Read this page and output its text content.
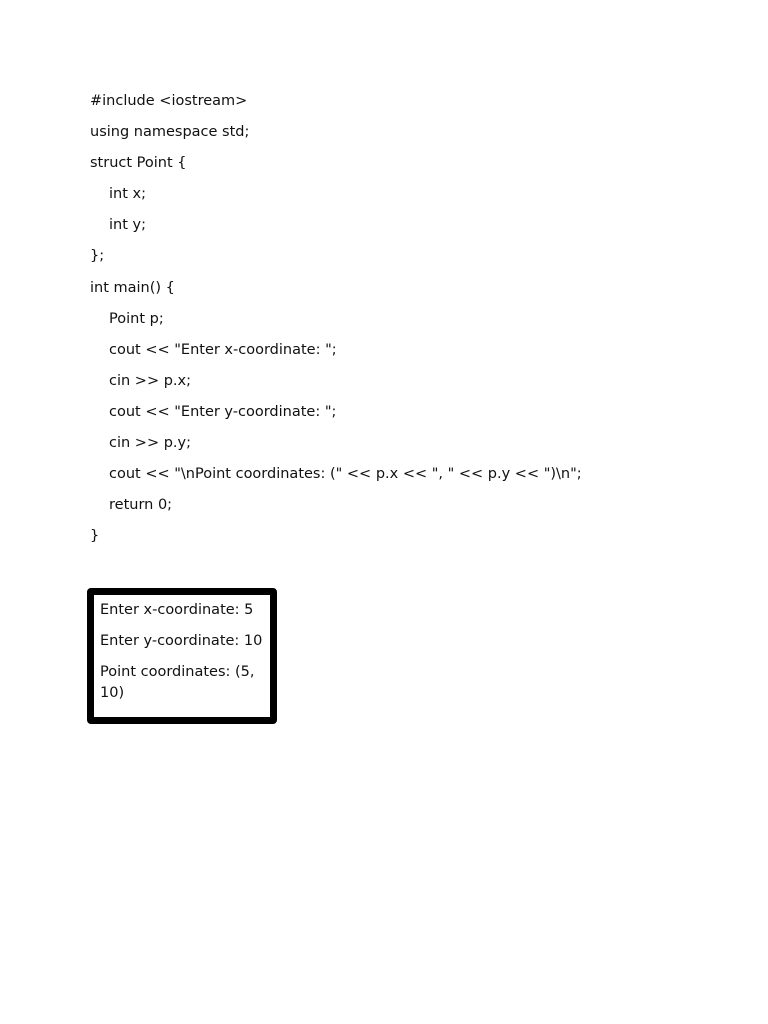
#include <iostream>
using namespace std;
struct Point {
int x;
int y;
};
int main() {
Point p;
cout << "Enter x-coordinate: ";
cin >> p.x;
cout << "Enter y-coordinate: ";
cin >> p.y;
cout << "\nPoint coordinates: (" << p.x << ", " << p.y << ")\n";
return 0;
}
Enter x-coordinate: 5
Enter y-coordinate: 10
Point coordinates: (5, 10)
